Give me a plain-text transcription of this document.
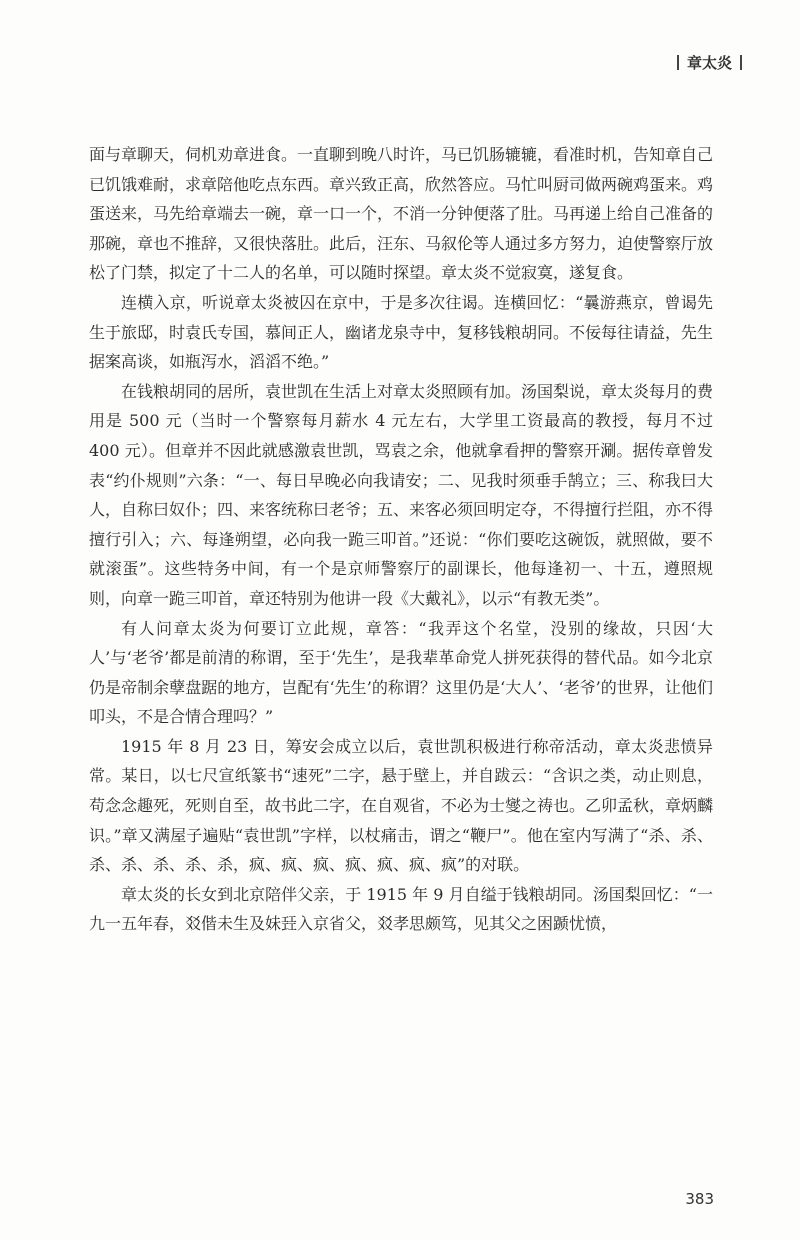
章太炎

面与章聊天，伺机劝章进食。一直聊到晚八时许，马已饥肠辘辘，看准时机，告知章自己已饥饿难耐，求章陪他吃点东西。章兴致正高，欣然答应。马忙叫厨司做两碗鸡蛋来。鸡蛋送来，马先给章端去一碗，章一口一个，不消一分钟便落了肚。马再递上给自己准备的那碗，章也不推辞，又很快落肚。此后，汪东、马叙伦等人通过多方努力，迫使警察厅放松了门禁，拟定了十二人的名单，可以随时探望。章太炎不觉寂寞，遂复食。

连横入京，听说章太炎被囚在京中，于是多次往谒。连横回忆：“曩游燕京，曾谒先生于旅邸，时袁氏专国，慕间正人，幽诸龙泉寺中，复移钱粮胡同。不佞每往请益，先生据案高谈，如瓶泻水，滔滔不绝。”

在钱粮胡同的居所，袁世凯在生活上对章太炎照顾有加。汤国梨说，章太炎每月的费用是 500 元（当时一个警察每月薪水 4 元左右，大学里工资最高的教授，每月不过 400 元）。但章并不因此就感激袁世凯，骂袁之余，他就拿看押的警察开涮。据传章曾发表“约仆规则”六条：“一、每日早晚必向我请安；二、见我时须垂手鹄立；三、称我曰大人，自称曰奴仆；四、来客统称曰老爷；五、来客必须回明定夺，不得擅行拦阻，亦不得擅行引入；六、每逢朔望，必向我一跪三叩首。”还说：“你们要吃这碗饭，就照做，要不就滚蛋”。这些特务中间，有一个是京师警察厅的副课长，他每逢初一、十五，遵照规则，向章一跪三叩首，章还特别为他讲一段《大戴礼》，以示“有教无类”。

有人问章太炎为何要订立此规，章答：“我弄这个名堂，没别的缘故，只因‘大人’与‘老爷’都是前清的称谓，至于‘先生’，是我辈革命党人拼死获得的替代品。如今北京仍是帝制余孽盘踞的地方，岂配有‘先生’的称谓？这里仍是‘大人’、‘老爷’的世界，让他们叩头，不是合情合理吗？”

1915 年 8 月 23 日，筹安会成立以后，袁世凯积极进行称帝活动，章太炎悲愤异常。某日，以七尺宣纸篆书“速死”二字，悬于壁上，并自跋云：“含识之类，动止则息，苟念念趣死，死则自至，故书此二字，在自观省，不必为士燮之祷也。乙卯孟秋，章炳麟识。”章又满屋子遍贴“袁世凯”字样，以杖痛击，谓之“鞭尸”。他在室内写满了“杀、杀、杀、杀、杀、杀、杀，疯、疯、疯、疯、疯、疯、疯”的对联。

章太炎的长女到北京陪伴父亲，于 1915 年 9 月自缢于钱粮胡同。汤国梨回忆：“一九一五年春，㸚偕未生及妹㠭入京省父，㸚孝思颇笃，见其父之困踬忧愤，

383
